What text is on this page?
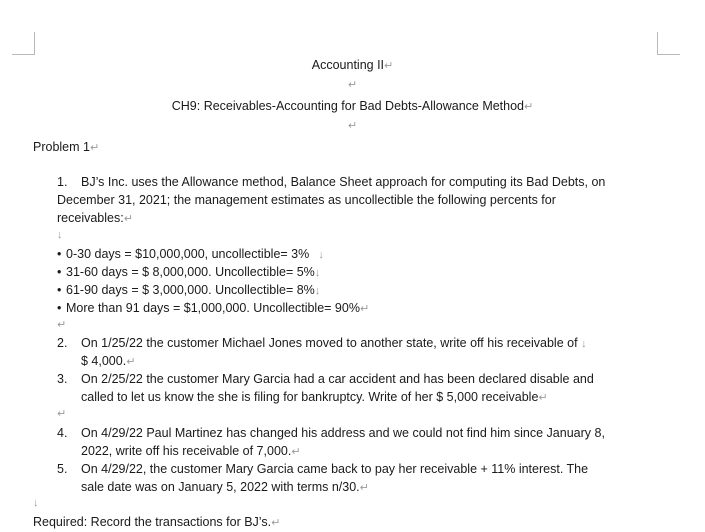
Accounting II↵
↵
CH9: Receivables-Accounting for Bad Debts-Allowance Method↵
↵
Problem 1↵
1. BJ’s Inc. uses the Allowance method, Balance Sheet approach for computing its Bad Debts, on
December 31, 2021; the management estimates as uncollectible the following percents for
receivables:↵
↓
• 0-30 days = $10,000,000, uncollectible= 3% ↓
• 31-60 days = $ 8,000,000. Uncollectible= 5%↓
• 61-90 days = $ 3,000,000. Uncollectible= 8%↓
• More than 91 days = $1,000,000. Uncollectible= 90%↵
↵
2. On 1/25/22 the customer Michael Jones moved to another state, write off his receivable of ↓
$ 4,000.↵
3. On 2/25/22 the customer Mary Garcia had a car accident and has been declared disable and
called to let us know the she is filing for bankruptcy. Write of her $ 5,000 receivable↵
↵
4. On 4/29/22 Paul Martinez has changed his address and we could not find him since January 8,
2022, write off his receivable of 7,000.↵
5. On 4/29/22, the customer Mary Garcia came back to pay her receivable + 11% interest. The
sale date was on January 5, 2022 with terms n/30.↵
↓
Required: Record the transactions for BJ’s.↵
